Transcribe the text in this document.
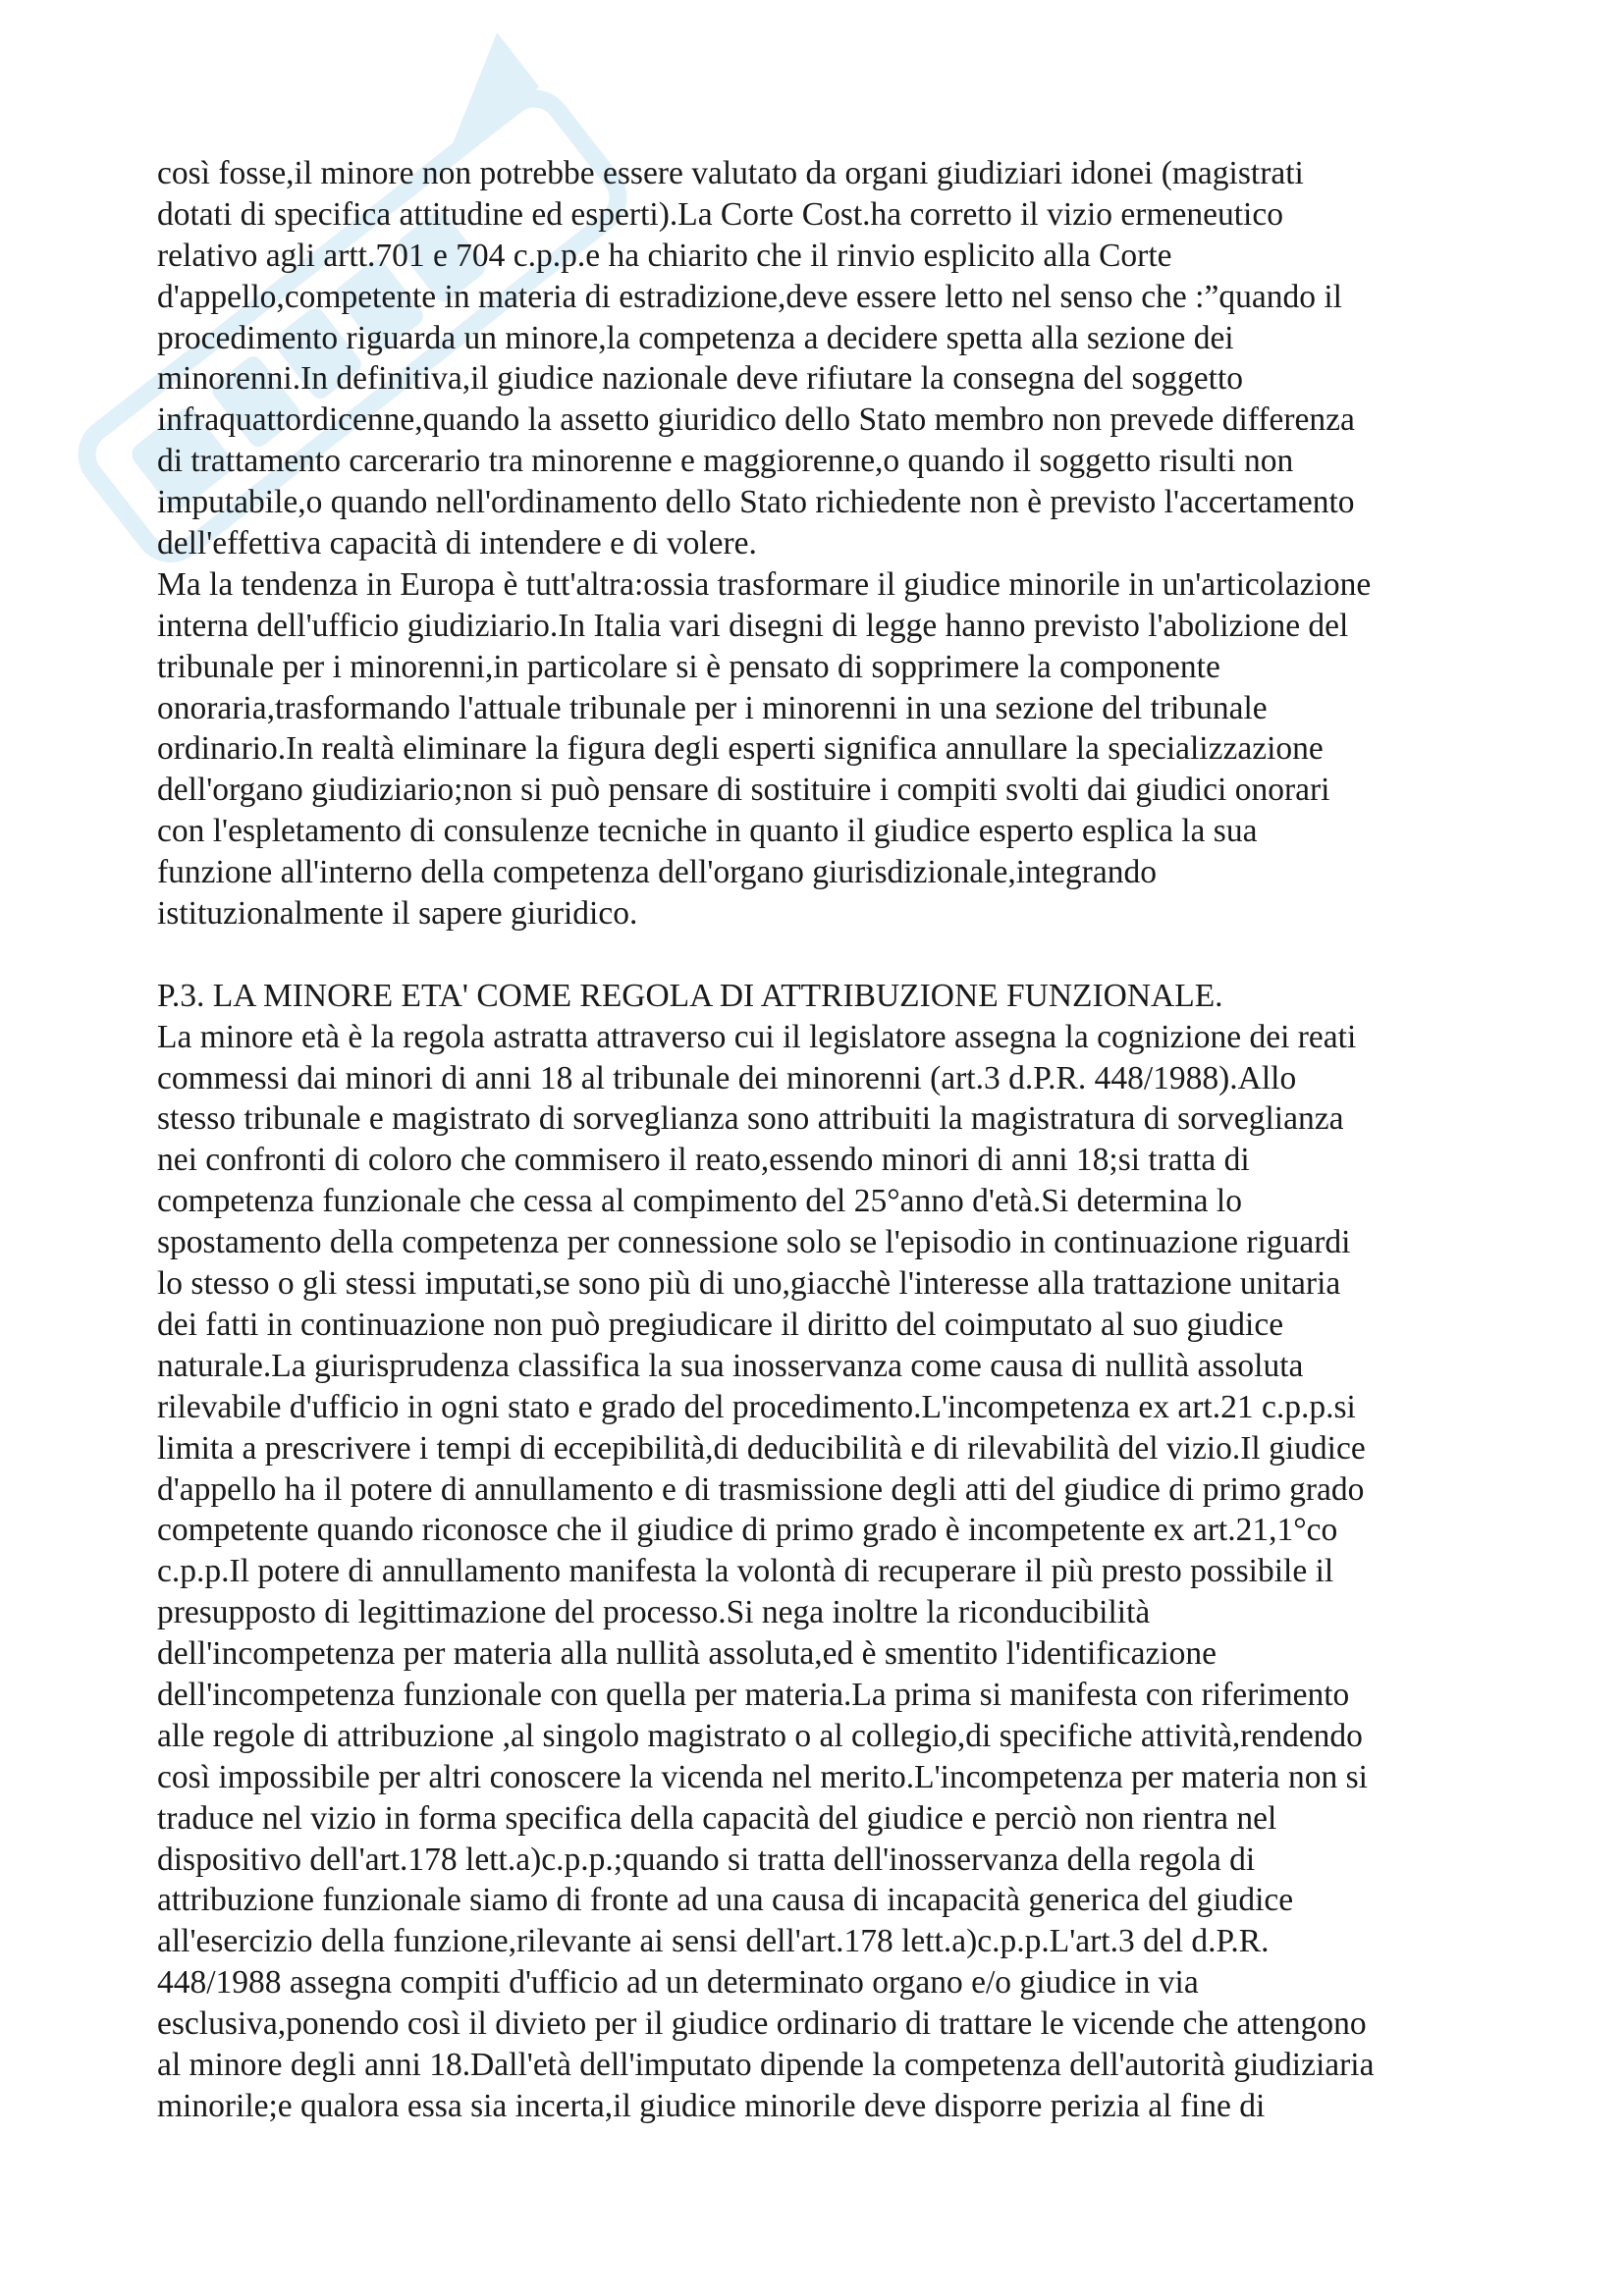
così fosse,il minore non potrebbe essere valutato da organi giudiziari idonei (magistrati
dotati di specifica attitudine ed esperti).La Corte Cost.ha corretto il vizio ermeneutico
relativo agli artt.701 e 704 c.p.p.e ha chiarito che il rinvio esplicito alla Corte
d'appello,competente in materia di estradizione,deve essere letto nel senso che :”quando il
procedimento riguarda un minore,la competenza a decidere spetta alla sezione dei
minorenni.In definitiva,il giudice nazionale deve rifiutare la consegna del soggetto
infraquattordicenne,quando la assetto giuridico dello Stato membro non prevede differenza
di trattamento carcerario tra minorenne e maggiorenne,o quando il soggetto risulti non
imputabile,o quando nell'ordinamento dello Stato richiedente non è previsto l'accertamento
dell'effettiva capacità di intendere e di volere.
Ma la tendenza in Europa è tutt'altra:ossia trasformare il giudice minorile in un'articolazione
interna dell'ufficio giudiziario.In Italia vari disegni di legge hanno previsto l'abolizione del
tribunale per i minorenni,in particolare si è pensato di sopprimere la componente
onoraria,trasformando l'attuale tribunale per i minorenni in una sezione del tribunale
ordinario.In realtà eliminare la figura degli esperti significa annullare la specializzazione
dell'organo giudiziario;non si può pensare di sostituire i compiti svolti dai giudici onorari
con l'espletamento di consulenze tecniche in quanto il giudice esperto esplica la sua
funzione all'interno della competenza dell'organo giurisdizionale,integrando
istituzionalmente il sapere giuridico.
P.3. LA MINORE ETA' COME REGOLA DI ATTRIBUZIONE FUNZIONALE.
La minore età è la regola astratta attraverso cui il legislatore assegna la cognizione dei reati
commessi dai minori di anni 18 al tribunale dei minorenni (art.3 d.P.R. 448/1988).Allo
stesso tribunale e magistrato di sorveglianza sono attribuiti la magistratura di sorveglianza
nei confronti di coloro che commisero il reato,essendo minori di anni 18;si tratta di
competenza funzionale che cessa al compimento del 25°anno d'età.Si determina lo
spostamento della competenza per connessione solo se l'episodio in continuazione riguardi
lo stesso o gli stessi imputati,se sono più di uno,giacchè l'interesse alla trattazione unitaria
dei fatti in continuazione non può pregiudicare il diritto del coimputato al suo giudice
naturale.La giurisprudenza classifica la sua inosservanza come causa di nullità assoluta
rilevabile d'ufficio in ogni stato e grado del procedimento.L'incompetenza ex art.21 c.p.p.si
limita a prescrivere i tempi di eccepibilità,di deducibilità e di rilevabilità del vizio.Il giudice
d'appello ha il potere di annullamento e di trasmissione degli atti del giudice di primo grado
competente quando riconosce che il giudice di primo grado è incompetente ex art.21,1°co
c.p.p.Il potere di annullamento manifesta la volontà di recuperare il più presto possibile il
presupposto di legittimazione del processo.Si nega inoltre la riconducibilità
dell'incompetenza per materia alla nullità assoluta,ed è smentito l'identificazione
dell'incompetenza funzionale con quella per materia.La prima si manifesta con riferimento
alle regole di attribuzione ,al singolo magistrato o al collegio,di specifiche attività,rendendo
così impossibile per altri conoscere la vicenda nel merito.L'incompetenza per materia non si
traduce nel vizio in forma specifica della capacità del giudice e perciò non rientra nel
dispositivo dell'art.178 lett.a)c.p.p.;quando si tratta dell'inosservanza della regola di
attribuzione funzionale siamo di fronte ad una causa di incapacità generica del giudice
all'esercizio della funzione,rilevante ai sensi dell'art.178 lett.a)c.p.p.L'art.3 del d.P.R.
448/1988 assegna compiti d'ufficio ad un determinato organo e/o giudice in via
esclusiva,ponendo così il divieto per il giudice ordinario di trattare le vicende che attengono
al minore degli anni 18.Dall'età dell'imputato dipende la competenza dell'autorità giudiziaria
minorile;e qualora essa sia incerta,il giudice minorile deve disporre perizia al fine di
